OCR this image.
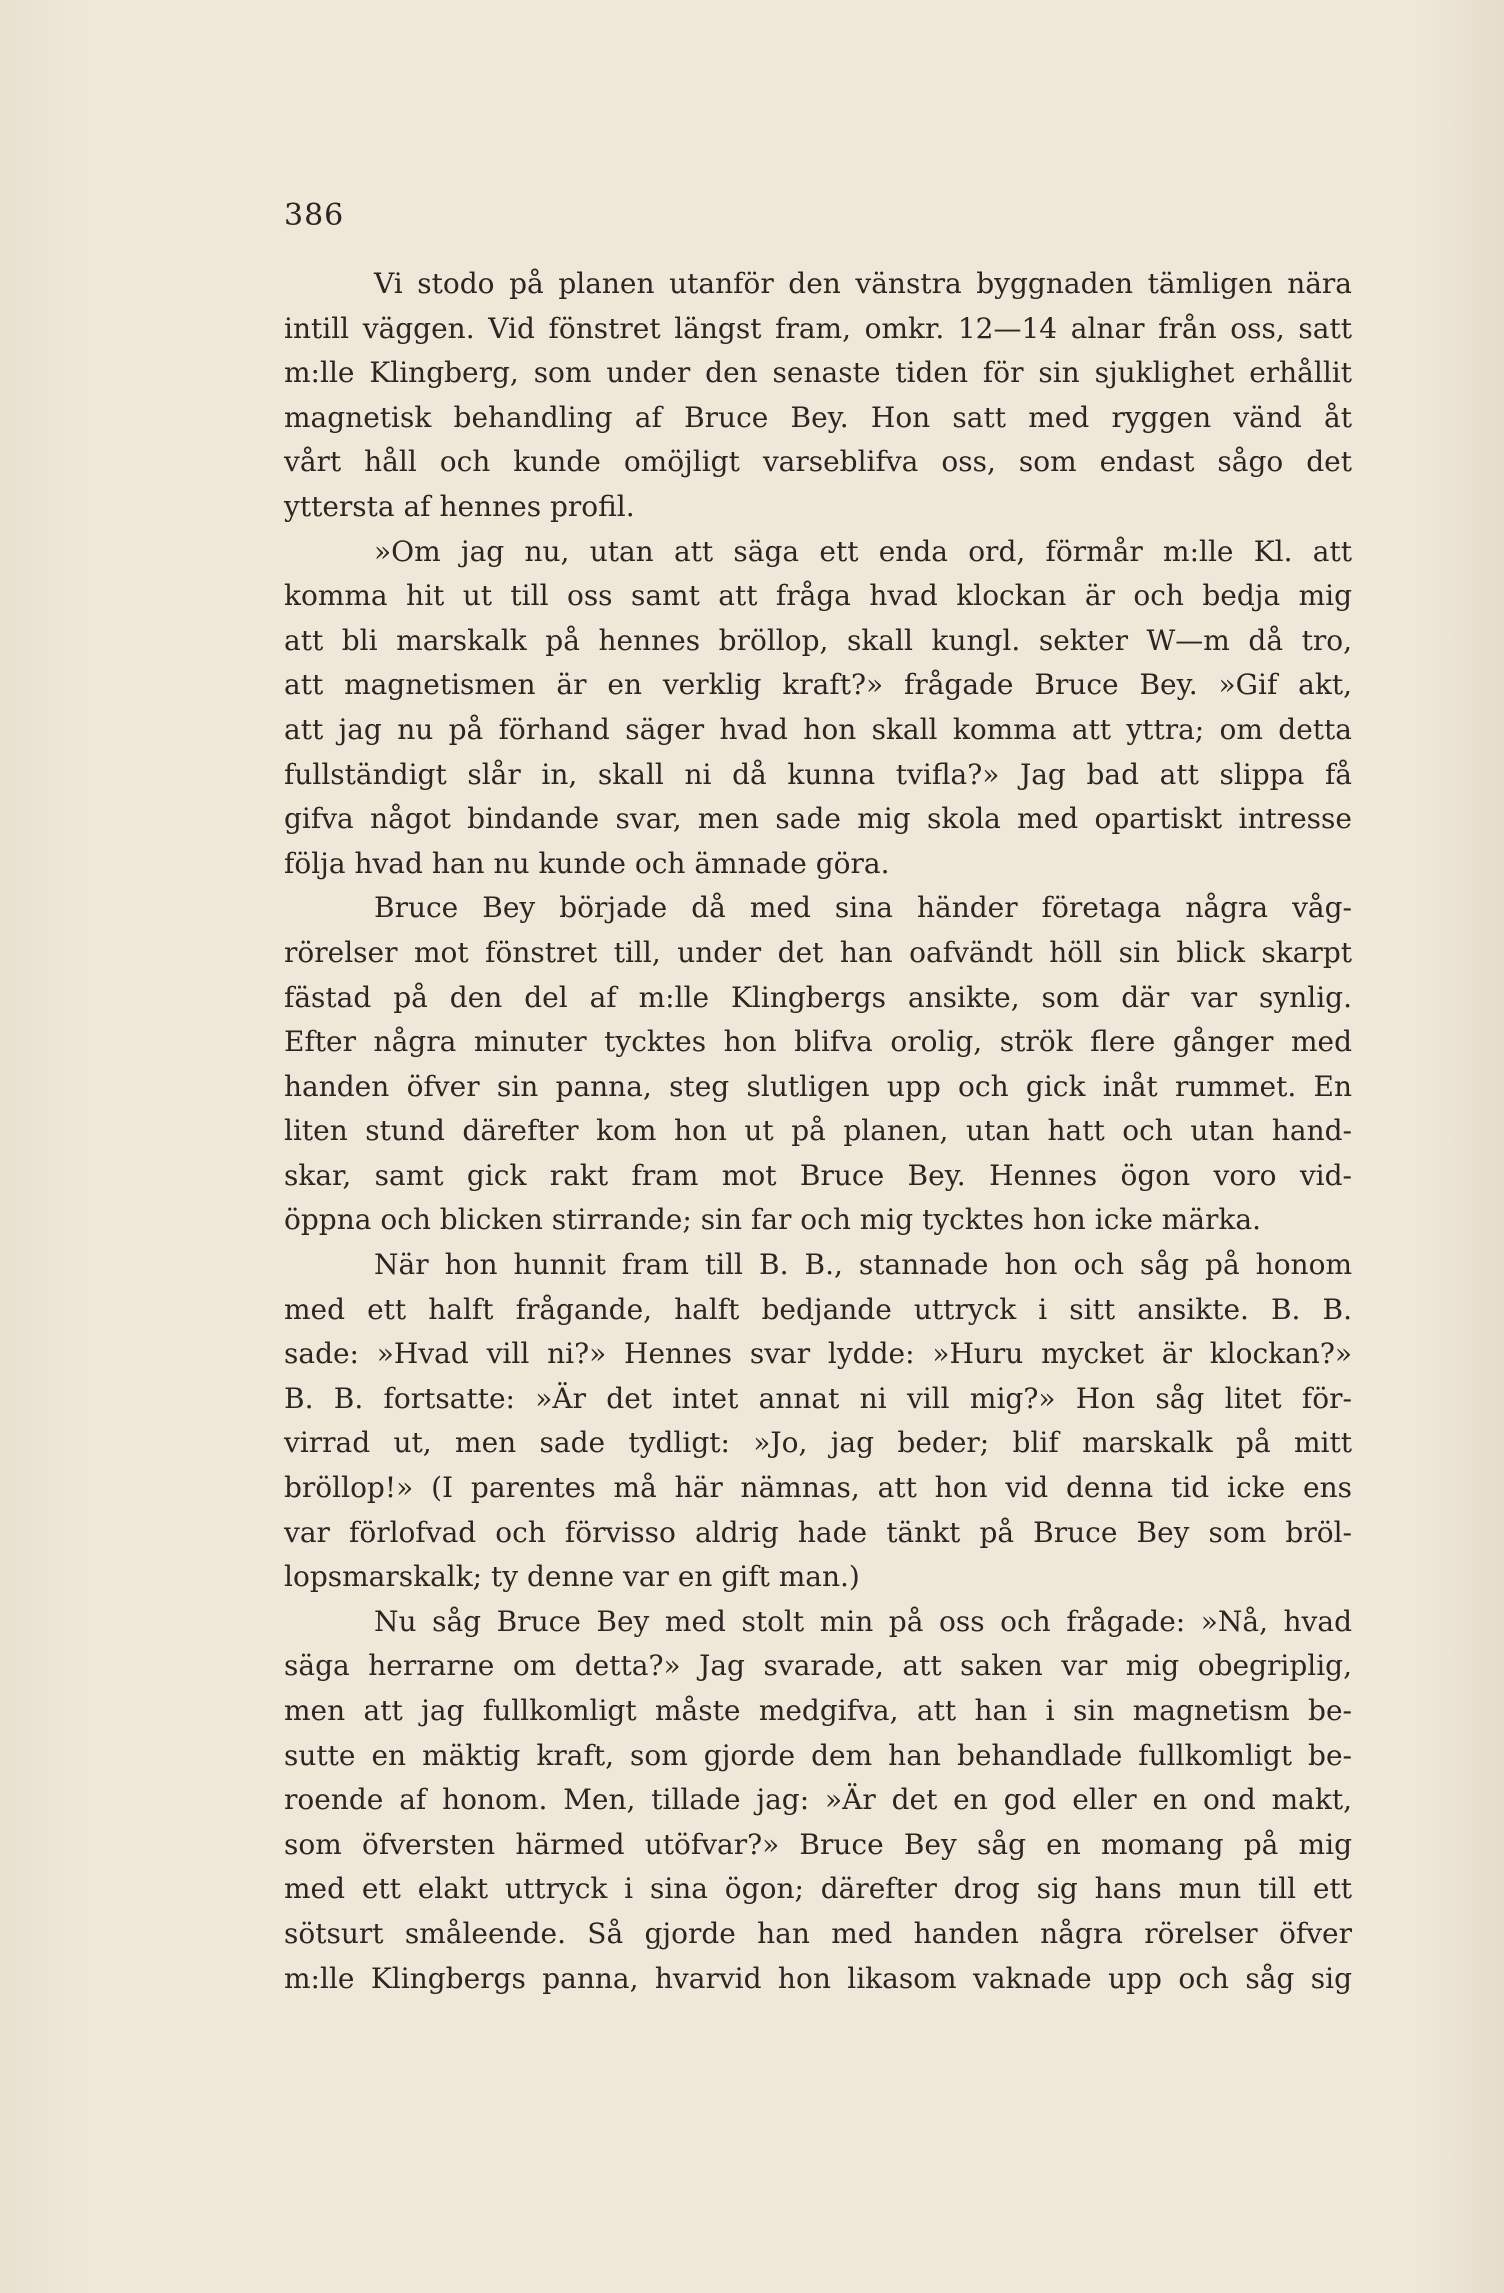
386
Vi stodo på planen utanför den vänstra byggnaden tämligen nära
intill väggen. Vid fönstret längst fram, omkr. 12—14 alnar från oss, satt
m:lle Klingberg, som under den senaste tiden för sin sjuklighet erhållit
magnetisk behandling af Bruce Bey. Hon satt med ryggen vänd åt
vårt håll och kunde omöjligt varseblifva oss, som endast sågo det
yttersta af hennes profil.
»Om jag nu, utan att säga ett enda ord, förmår m:lle Kl. att
komma hit ut till oss samt att fråga hvad klockan är och bedja mig
att bli marskalk på hennes bröllop, skall kungl. sekter W—m då tro,
att magnetismen är en verklig kraft?» frågade Bruce Bey. »Gif akt,
att jag nu på förhand säger hvad hon skall komma att yttra; om detta
fullständigt slår in, skall ni då kunna tvifla?» Jag bad att slippa få
gifva något bindande svar, men sade mig skola med opartiskt intresse
följa hvad han nu kunde och ämnade göra.
Bruce Bey började då med sina händer företaga några våg-
rörelser mot fönstret till, under det han oafvändt höll sin blick skarpt
fästad på den del af m:lle Klingbergs ansikte, som där var synlig.
Efter några minuter tycktes hon blifva orolig, strök flere gånger med
handen öfver sin panna, steg slutligen upp och gick inåt rummet. En
liten stund därefter kom hon ut på planen, utan hatt och utan hand-
skar, samt gick rakt fram mot Bruce Bey. Hennes ögon voro vid-
öppna och blicken stirrande; sin far och mig tycktes hon icke märka.
När hon hunnit fram till B. B., stannade hon och såg på honom
med ett halft frågande, halft bedjande uttryck i sitt ansikte. B. B.
sade: »Hvad vill ni?» Hennes svar lydde: »Huru mycket är klockan?»
B. B. fortsatte: »Är det intet annat ni vill mig?» Hon såg litet för-
virrad ut, men sade tydligt: »Jo, jag beder; blif marskalk på mitt
bröllop!» (I parentes må här nämnas, att hon vid denna tid icke ens
var förlofvad och förvisso aldrig hade tänkt på Bruce Bey som bröl-
lopsmarskalk; ty denne var en gift man.)
Nu såg Bruce Bey med stolt min på oss och frågade: »Nå, hvad
säga herrarne om detta?» Jag svarade, att saken var mig obegriplig,
men att jag fullkomligt måste medgifva, att han i sin magnetism be-
sutte en mäktig kraft, som gjorde dem han behandlade fullkomligt be-
roende af honom. Men, tillade jag: »Är det en god eller en ond makt,
som öfversten härmed utöfvar?» Bruce Bey såg en momang på mig
med ett elakt uttryck i sina ögon; därefter drog sig hans mun till ett
sötsurt småleende. Så gjorde han med handen några rörelser öfver
m:lle Klingbergs panna, hvarvid hon likasom vaknade upp och såg sig
